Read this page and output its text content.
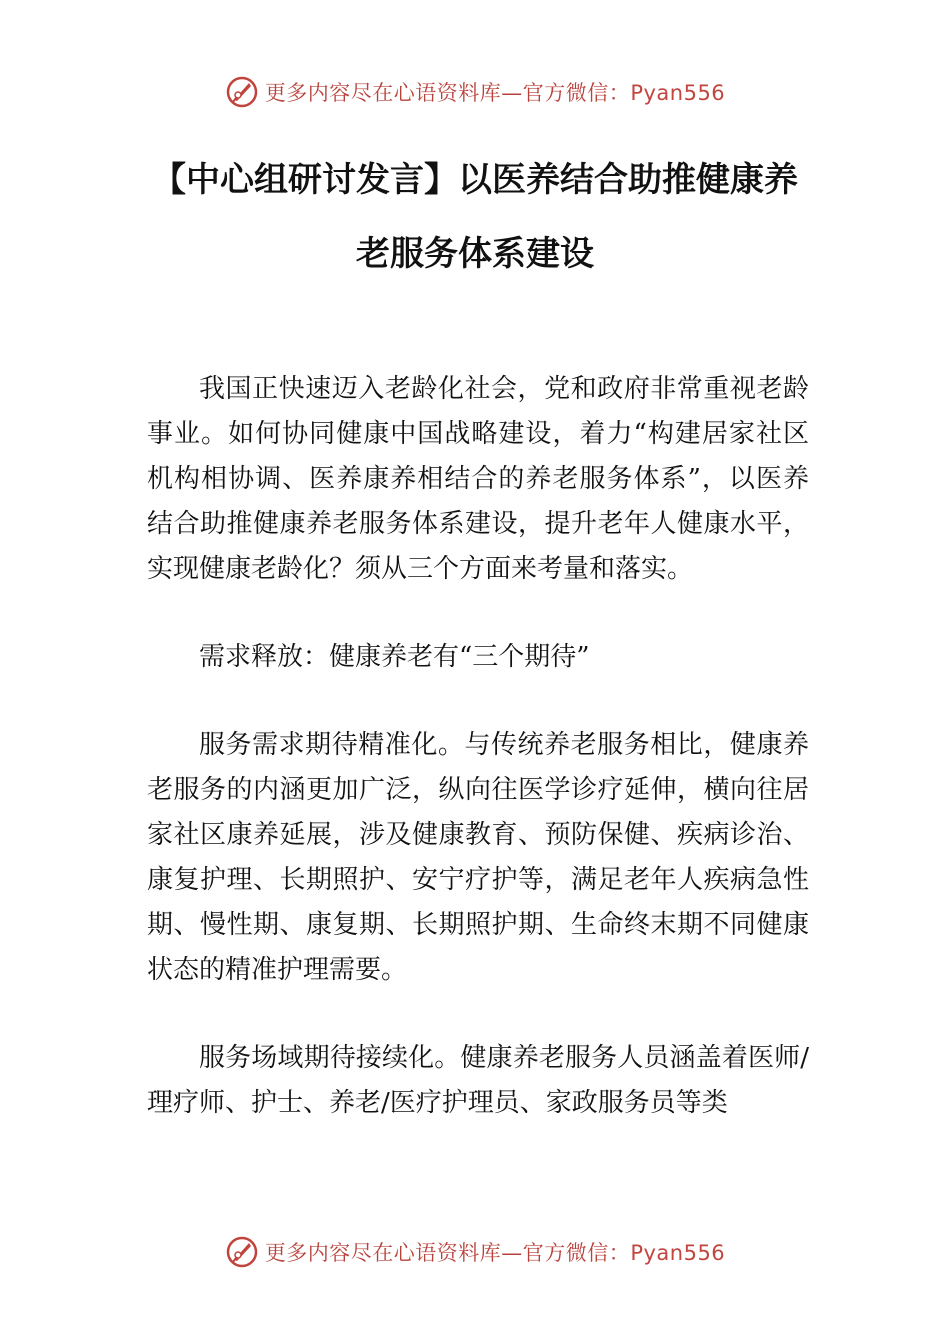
更多内容尽在心语资料库—官方微信：Pyan556
【中心组研讨发言】以医养结合助推健康养
老服务体系建设

我国正快速迈入老龄化社会，党和政府非常重视老龄事业。如何协同健康中国战略建设，着力“构建居家社区机构相协调、医养康养相结合的养老服务体系”，以医养结合助推健康养老服务体系建设，提升老年人健康水平，实现健康老龄化？须从三个方面来考量和落实。

需求释放：健康养老有“三个期待”

服务需求期待精准化。与传统养老服务相比，健康养老服务的内涵更加广泛，纵向往医学诊疗延伸，横向往居家社区康养延展，涉及健康教育、预防保健、疾病诊治、康复护理、长期照护、安宁疗护等，满足老年人疾病急性期、慢性期、康复期、长期照护期、生命终末期不同健康状态的精准护理需要。

服务场域期待接续化。健康养老服务人员涵盖着医师/理疗师、护士、养老/医疗护理员、家政服务员等类

更多内容尽在心语资料库—官方微信：Pyan556
